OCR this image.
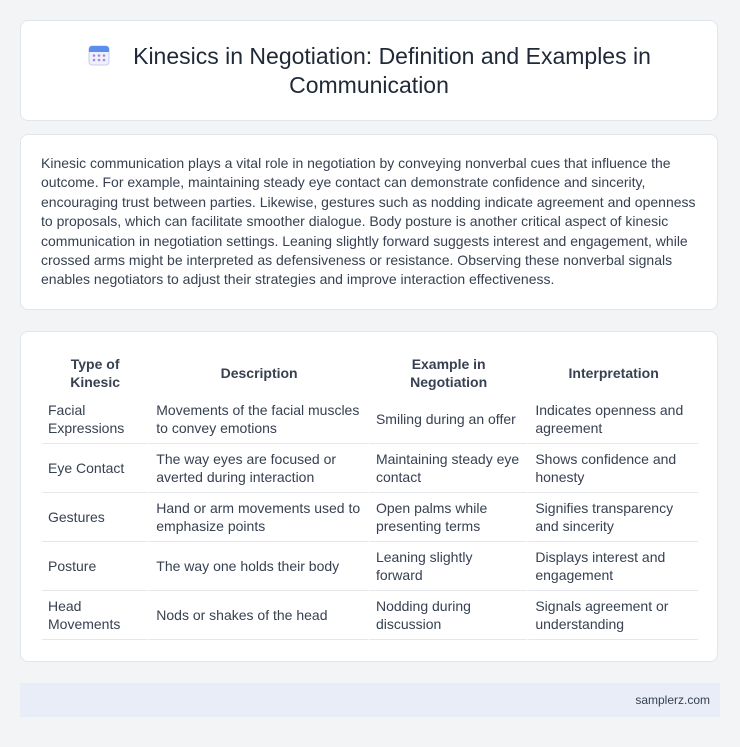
Kinesics in Negotiation: Definition and Examples in Communication

Kinesic communication plays a vital role in negotiation by conveying nonverbal cues that influence the outcome. For example, maintaining steady eye contact can demonstrate confidence and sincerity, encouraging trust between parties. Likewise, gestures such as nodding indicate agreement and openness to proposals, which can facilitate smoother dialogue. Body posture is another critical aspect of kinesic communication in negotiation settings. Leaning slightly forward suggests interest and engagement, while crossed arms might be interpreted as defensiveness or resistance. Observing these nonverbal signals enables negotiators to adjust their strategies and improve interaction effectiveness.

Type of Kinesic	Description	Example in Negotiation	Interpretation
Facial Expressions	Movements of the facial muscles to convey emotions	Smiling during an offer	Indicates openness and agreement
Eye Contact	The way eyes are focused or averted during interaction	Maintaining steady eye contact	Shows confidence and honesty
Gestures	Hand or arm movements used to emphasize points	Open palms while presenting terms	Signifies transparency and sincerity
Posture	The way one holds their body	Leaning slightly forward	Displays interest and engagement
Head Movements	Nods or shakes of the head	Nodding during discussion	Signals agreement or understanding
samplerz.com
